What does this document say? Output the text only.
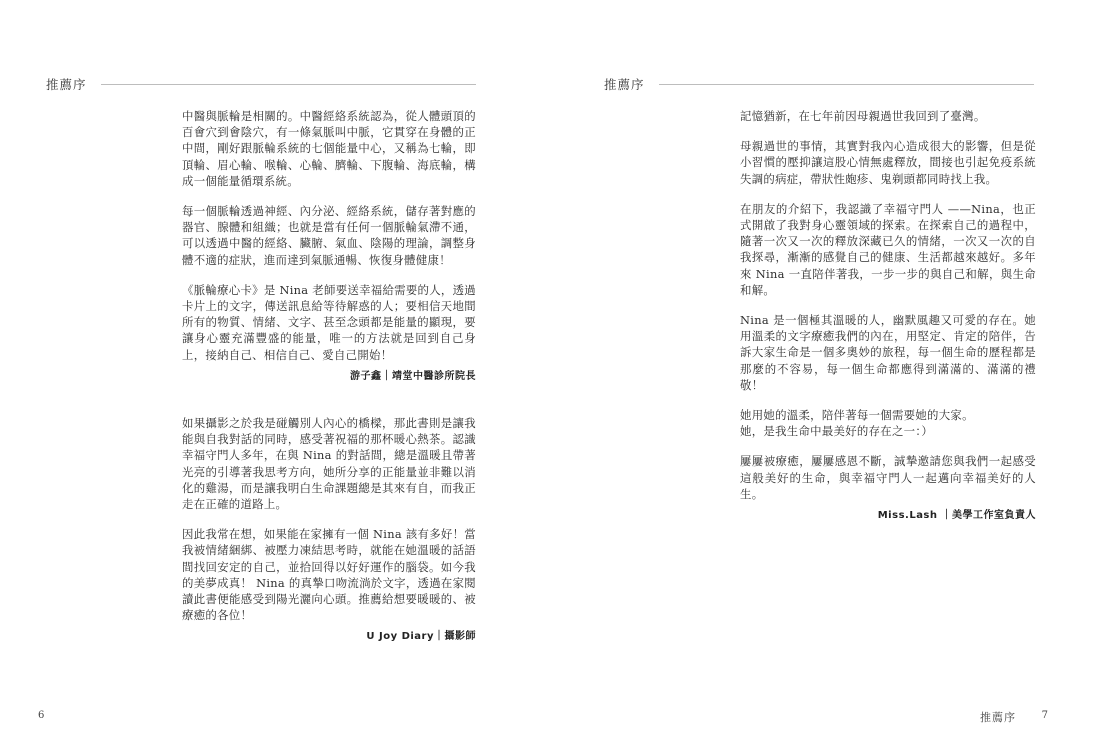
推薦序

中醫與脈輪是相關的。中醫經絡系統認為，從人體頭頂的百會穴到會陰穴，有一條氣脈叫中脈，它貫穿在身體的正中間，剛好跟脈輪系統的七個能量中心，又稱為七輪，即頂輪、眉心輪、喉輪、心輪、臍輪、下腹輪、海底輪，構成一個能量循環系統。

每一個脈輪透過神經、內分泌、經絡系統，儲存著對應的器官、腺體和組織；也就是當有任何一個脈輪氣滯不通，可以透過中醫的經絡、臟腑、氣血、陰陽的理論，調整身體不適的症狀，進而達到氣脈通暢、恢復身體健康！

《脈輪療心卡》是 Nina 老師要送幸福給需要的人，透過卡片上的文字，傳送訊息給等待解惑的人；要相信天地間所有的物質、情緒、文字、甚至念頭都是能量的顯現，要讓身心靈充滿豐盛的能量，唯一的方法就是回到自己身上，接納自己、相信自己、愛自己開始！

游子鑫｜靖堂中醫診所院長

如果攝影之於我是碰觸別人內心的橋樑，那此書則是讓我能與自我對話的同時，感受著祝福的那杯暖心熱茶。認識幸福守門人多年，在與 Nina 的對話間，總是溫暖且帶著光亮的引導著我思考方向，她所分享的正能量並非難以消化的雞湯，而是讓我明白生命課題總是其來有自，而我正走在正確的道路上。

因此我常在想，如果能在家擁有一個 Nina 該有多好！當我被情緒綑綁、被壓力凍結思考時，就能在她溫暖的話語間找回安定的自己，並拾回得以好好運作的腦袋。如今我的美夢成真！ Nina 的真摯口吻流淌於文字，透過在家閱讀此書便能感受到陽光灑向心頭。推薦給想要暖暖的、被療癒的各位！

U Joy Diary｜攝影師

6
推薦序

記憶猶新，在七年前因母親過世我回到了臺灣。

母親過世的事情，其實對我內心造成很大的影響，但是從小習慣的壓抑讓這股心情無處釋放，間接也引起免疫系統失調的病症，帶狀性皰疹、鬼剃頭都同時找上我。

在朋友的介紹下，我認識了幸福守門人 ——Nina，也正式開啟了我對身心靈領域的探索。在探索自己的過程中，隨著一次又一次的釋放深藏已久的情緒，一次又一次的自我探尋，漸漸的感覺自己的健康、生活都越來越好。多年來 Nina 一直陪伴著我，一步一步的與自己和解，與生命和解。

Nina 是一個極其溫暖的人，幽默風趣又可愛的存在。她用溫柔的文字療癒我們的內在，用堅定、肯定的陪伴，告訴大家生命是一個多奧妙的旅程，每一個生命的歷程都是那麼的不容易，每一個生命都應得到滿滿的、滿滿的禮敬！

她用她的溫柔，陪伴著每一個需要她的大家。
她，是我生命中最美好的存在之一：）

屢屢被療癒，屢屢感恩不斷，誠摯邀請您與我們一起感受這般美好的生命，與幸福守門人一起邁向幸福美好的人生。

Miss.Lash ｜美學工作室負責人

推薦序	7
